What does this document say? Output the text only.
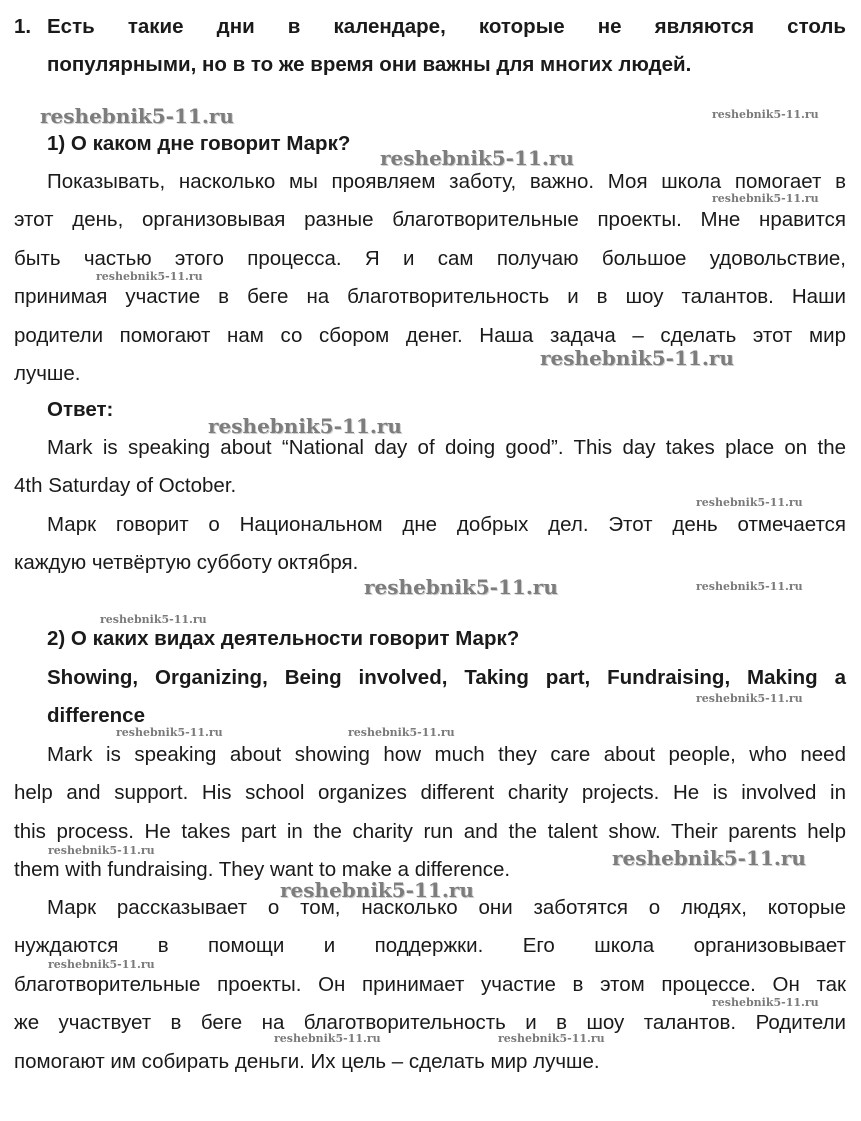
1. Есть такие дни в календаре, которые не являются столь
популярными, но в то же время они важны для многих людей.
1) О каком дне говорит Марк?
Показывать, насколько мы проявляем заботу, важно. Моя школа помогает в
этот день, организовывая разные благотворительные проекты. Мне нравится
быть частью этого процесса. Я и сам получаю большое удовольствие,
принимая участие в беге на благотворительность и в шоу талантов. Наши
родители помогают нам со сбором денег. Наша задача – сделать этот мир
лучше.
Ответ:
Mark is speaking about “National day of doing good”. This day takes place on the
4th Saturday of October.
Марк говорит о Национальном дне добрых дел. Этот день отмечается
каждую четвёртую субботу октября.
2) О каких видах деятельности говорит Марк?
Showing, Organizing, Being involved, Taking part, Fundraising, Making a
difference
Mark is speaking about showing how much they care about people, who need
help and support. His school organizes different charity projects. He is involved in
this process. He takes part in the charity run and the talent show. Their parents help
them with fundraising. They want to make a difference.
Марк рассказывает о том, насколько они заботятся о людях, которые
нуждаются в помощи и поддержки. Его школа организовывает
благотворительные проекты. Он принимает участие в этом процессе. Он так
же участвует в беге на благотворительность и в шоу талантов. Родители
помогают им собирать деньги. Их цель – сделать мир лучше.
reshebnik5-11.ru	reshebnik5-11.ru
reshebnik5-11.ru
reshebnik5-11.ru
reshebnik5-11.ru
reshebnik5-11.ru
reshebnik5-11.ru
reshebnik5-11.ru
reshebnik5-11.ru	reshebnik5-11.ru
reshebnik5-11.ru
reshebnik5-11.ru
reshebnik5-11.ru	reshebnik5-11.ru
reshebnik5-11.ru	reshebnik5-11.ru
reshebnik5-11.ru
reshebnik5-11.ru
reshebnik5-11.ru
reshebnik5-11.ru	reshebnik5-11.ru
